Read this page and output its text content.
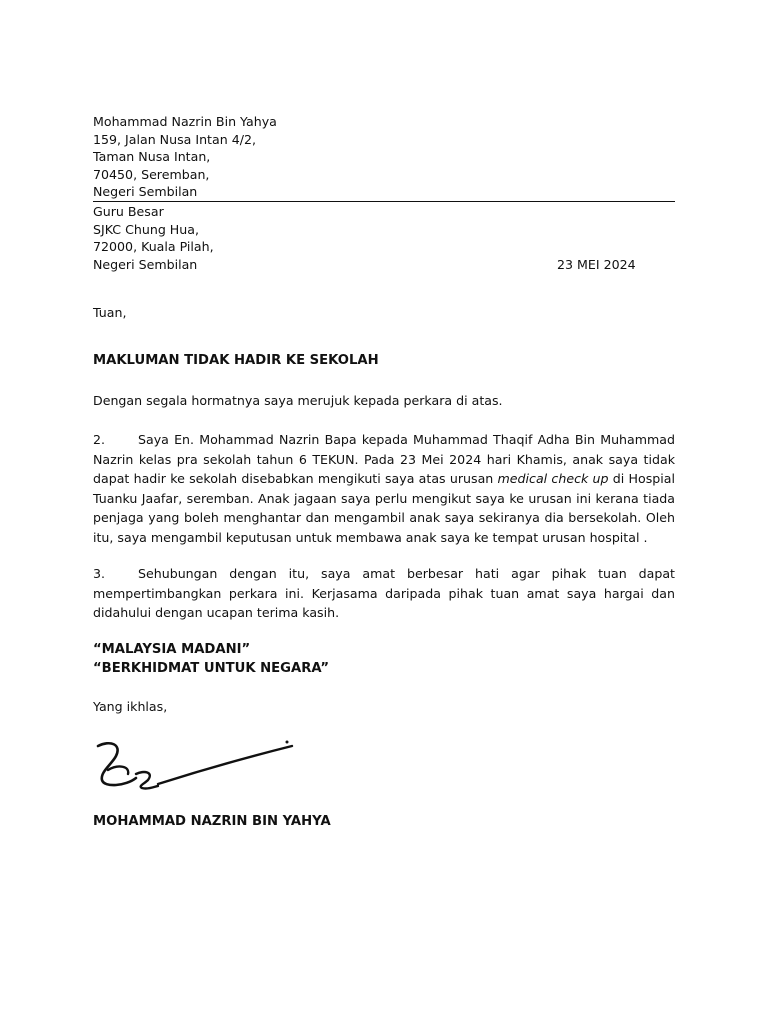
Mohammad Nazrin Bin Yahya
159, Jalan Nusa Intan 4/2,
Taman Nusa Intan,
70450, Seremban,
Negeri Sembilan
Guru Besar
SJKC Chung Hua,
72000, Kuala Pilah,
Negeri Sembilan	23 MEI 2024
Tuan,
MAKLUMAN TIDAK HADIR KE SEKOLAH
Dengan segala hormatnya saya merujuk kepada perkara di atas.
2.	Saya En. Mohammad Nazrin Bapa kepada Muhammad Thaqif Adha Bin Muhammad Nazrin kelas pra sekolah tahun 6 TEKUN. Pada 23 Mei 2024 hari Khamis, anak saya tidak dapat hadir ke sekolah disebabkan mengikuti saya atas urusan medical check up di Hospial Tuanku Jaafar, seremban. Anak jagaan saya perlu mengikut saya ke urusan ini kerana tiada penjaga yang boleh menghantar dan mengambil anak saya sekiranya dia bersekolah. Oleh itu, saya mengambil keputusan untuk membawa anak saya ke tempat urusan hospital .
3.	Sehubungan dengan itu, saya amat berbesar hati agar pihak tuan dapat mempertimbangkan perkara ini. Kerjasama daripada pihak tuan amat saya hargai dan didahului dengan ucapan terima kasih.
“MALAYSIA MADANI”
“BERKHIDMAT UNTUK NEGARA”
Yang ikhlas,
MOHAMMAD NAZRIN BIN YAHYA
